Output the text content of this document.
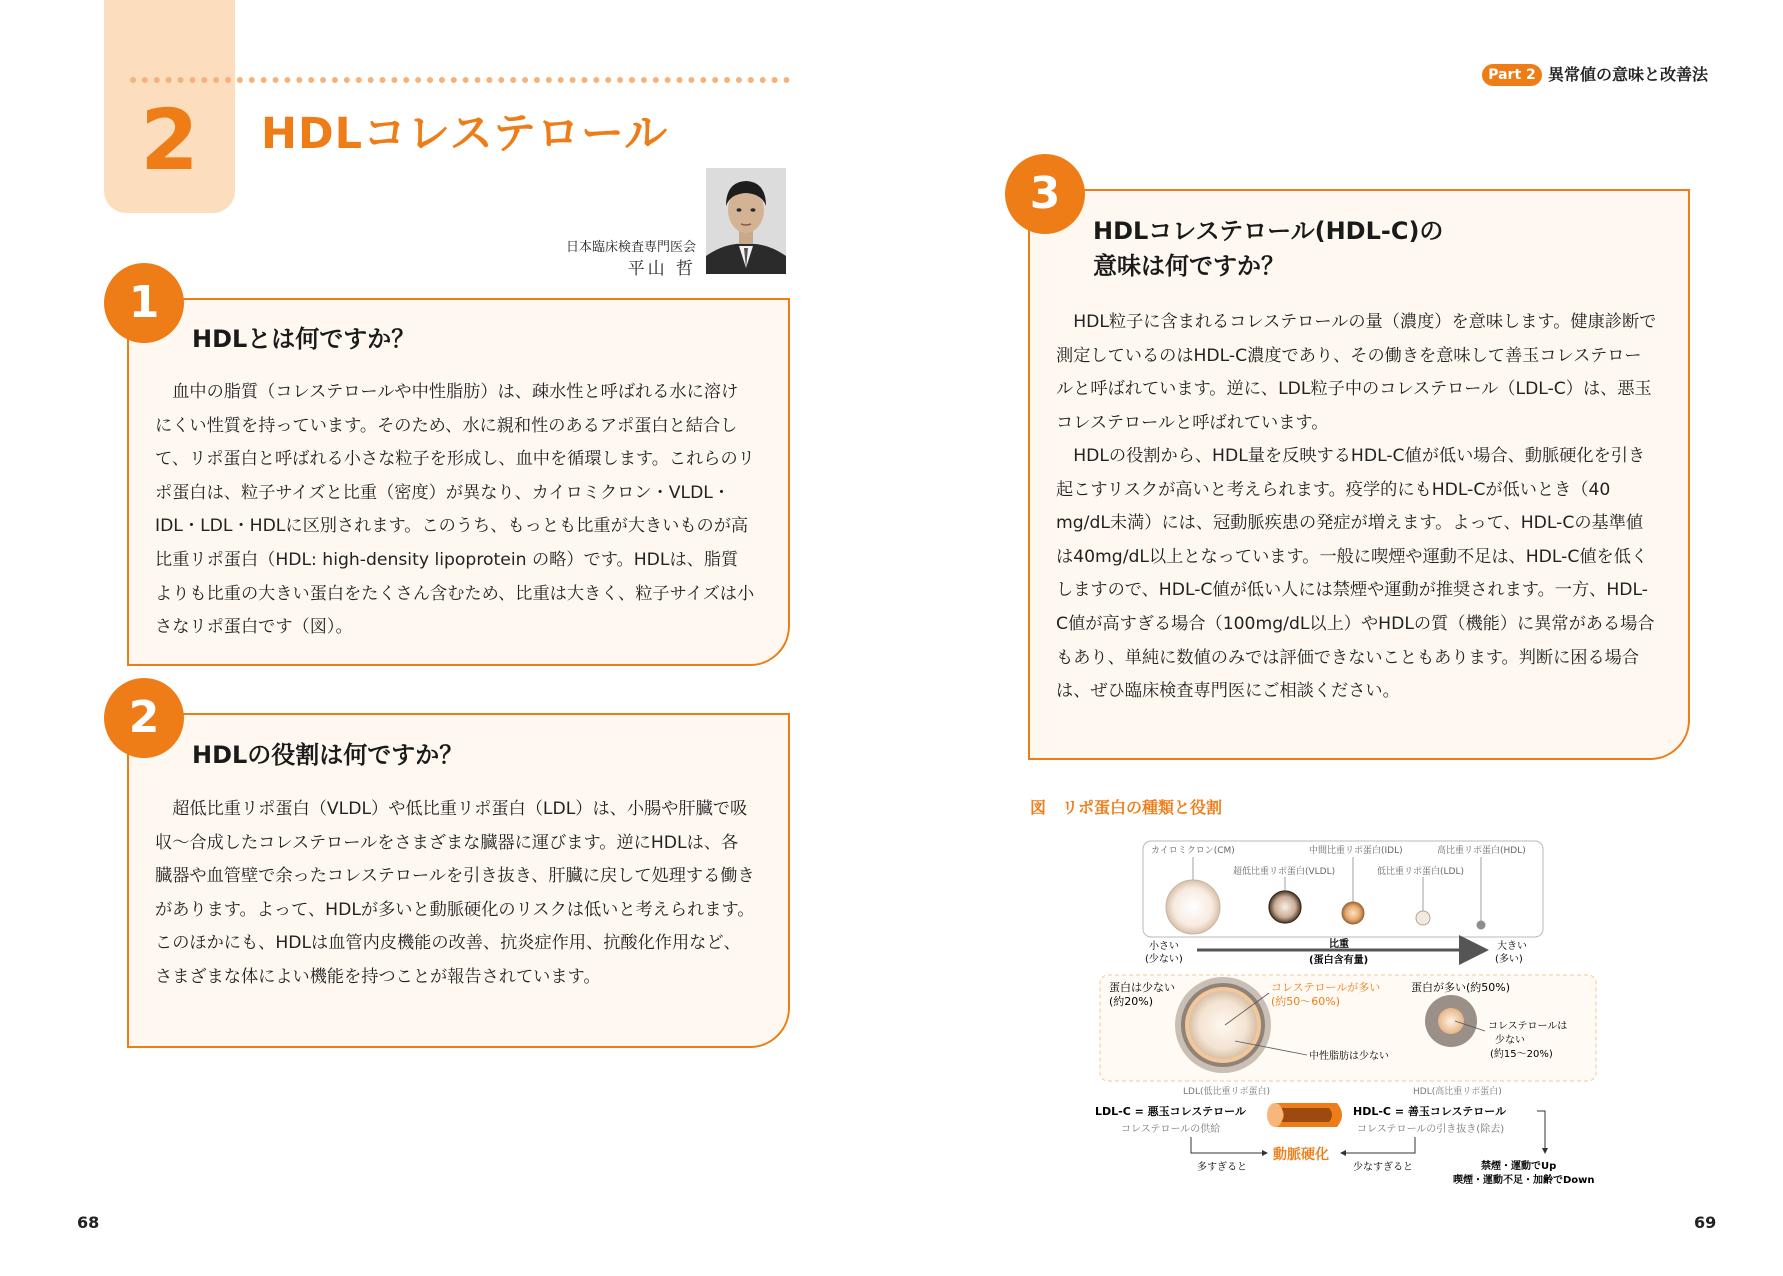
2	HDLコレステロール
日本臨床検査専門医会
平山 哲
1
HDLとは何ですか？

血中の脂質（コレステロールや中性脂肪）は、疎水性と呼ばれる水に溶けにくい性質を持っています。そのため、水に親和性のあるアポ蛋白と結合して、リポ蛋白と呼ばれる小さな粒子を形成し、血中を循環します。これらのリポ蛋白は、粒子サイズと比重（密度）が異なり、カイロミクロン・VLDL・IDL・LDL・HDLに区別されます。このうち、もっとも比重が大きいものが高比重リポ蛋白（HDL: high-density lipoprotein の略）です。HDLは、脂質よりも比重の大きい蛋白をたくさん含むため、比重は大きく、粒子サイズは小さなリポ蛋白です（図）。

2
HDLの役割は何ですか？

超低比重リポ蛋白（VLDL）や低比重リポ蛋白（LDL）は、小腸や肝臓で吸収〜合成したコレステロールをさまざまな臓器に運びます。逆にHDLは、各臓器や血管壁で余ったコレステロールを引き抜き、肝臓に戻して処理する働きがあります。よって、HDLが多いと動脈硬化のリスクは低いと考えられます。このほかにも、HDLは血管内皮機能の改善、抗炎症作用、抗酸化作用など、さまざまな体によい機能を持つことが報告されています。

68
Part 2 異常値の意味と改善法
3
HDLコレステロール(HDL-C)の
意味は何ですか？

HDL粒子に含まれるコレステロールの量（濃度）を意味します。健康診断で測定しているのはHDL-C濃度であり、その働きを意味して善玉コレステロールと呼ばれています。逆に、LDL粒子中のコレステロール（LDL-C）は、悪玉コレステロールと呼ばれています。

HDLの役割から、HDL量を反映するHDL-C値が低い場合、動脈硬化を引き起こすリスクが高いと考えられます。疫学的にもHDL-Cが低いとき（40 mg/dL未満）には、冠動脈疾患の発症が増えます。よって、HDL-Cの基準値は40mg/dL以上となっています。一般に喫煙や運動不足は、HDL-C値を低くしますので、HDL-C値が低い人には禁煙や運動が推奨されます。一方、HDL-C値が高すぎる場合（100mg/dL以上）やHDLの質（機能）に異常がある場合もあり、単純に数値のみでは評価できないこともあります。判断に困る場合は、ぜひ臨床検査専門医にご相談ください。

図　リポ蛋白の種類と役割
カイロミクロン(CM)	中間比重リポ蛋白(IDL)	高比重リポ蛋白(HDL)
超低比重リポ蛋白(VLDL)	低比重リポ蛋白(LDL)
小さい
(少ない)
比重
(蛋白含有量)
大きい
(多い)
蛋白は少ない
(約20%)
コレステロールが多い
(約50〜60%)
中性脂肪は少ない
LDL(低比重リポ蛋白)
蛋白が多い(約50%)
コレステロールは
少ない
(約15〜20%)
HDL(高比重リポ蛋白)
LDL-C = 悪玉コレステロール
コレステロールの供給
HDL-C = 善玉コレステロール
コレステロールの引き抜き(除去)
動脈硬化
多すぎると	少なすぎると	禁煙・運動でUp
喫煙・運動不足・加齢でDown
69
